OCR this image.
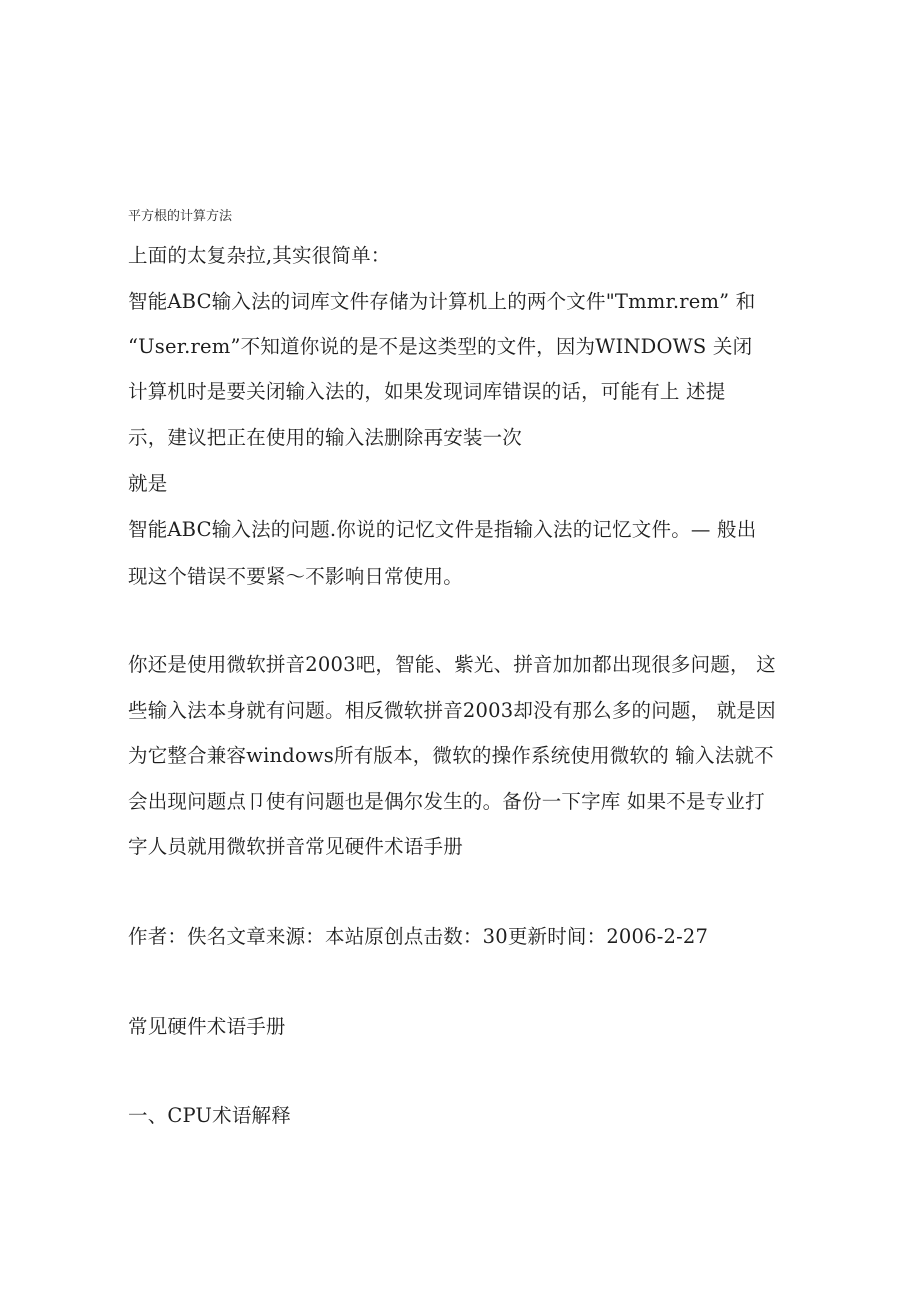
平方根的计算方法
上面的太复杂拉,其实很简单：
智能ABC输入法的词库文件存储为计算机上的两个文件"Tmmr.rem” 和
“User.rem”不知道你说的是不是这类型的文件，因为WINDOWS 关闭
计算机时是要关闭输入法的，如果发现词库错误的话，可能有上 述提
示，建议把正在使用的输入法删除再安装一次
就是
智能ABC输入法的问题.你说的记忆文件是指输入法的记忆文件。— 般出
现这个错误不要紧〜不影响日常使用。
你还是使用微软拼音2003吧，智能、紫光、拼音加加都出现很多问题， 这
些输入法本身就有问题。相反微软拼音2003却没有那么多的问题， 就是因
为它整合兼容windows所有版本，微软的操作系统使用微软的 输入法就不
会出现问题点卩使有问题也是偶尔发生的。备份一下字库 如果不是专业打
字人员就用微软拼音常见硬件术语手册
作者：佚名文章来源：本站原创点击数：30更新时间：2006-2-27
常见硬件术语手册
一、CPU术语解释
